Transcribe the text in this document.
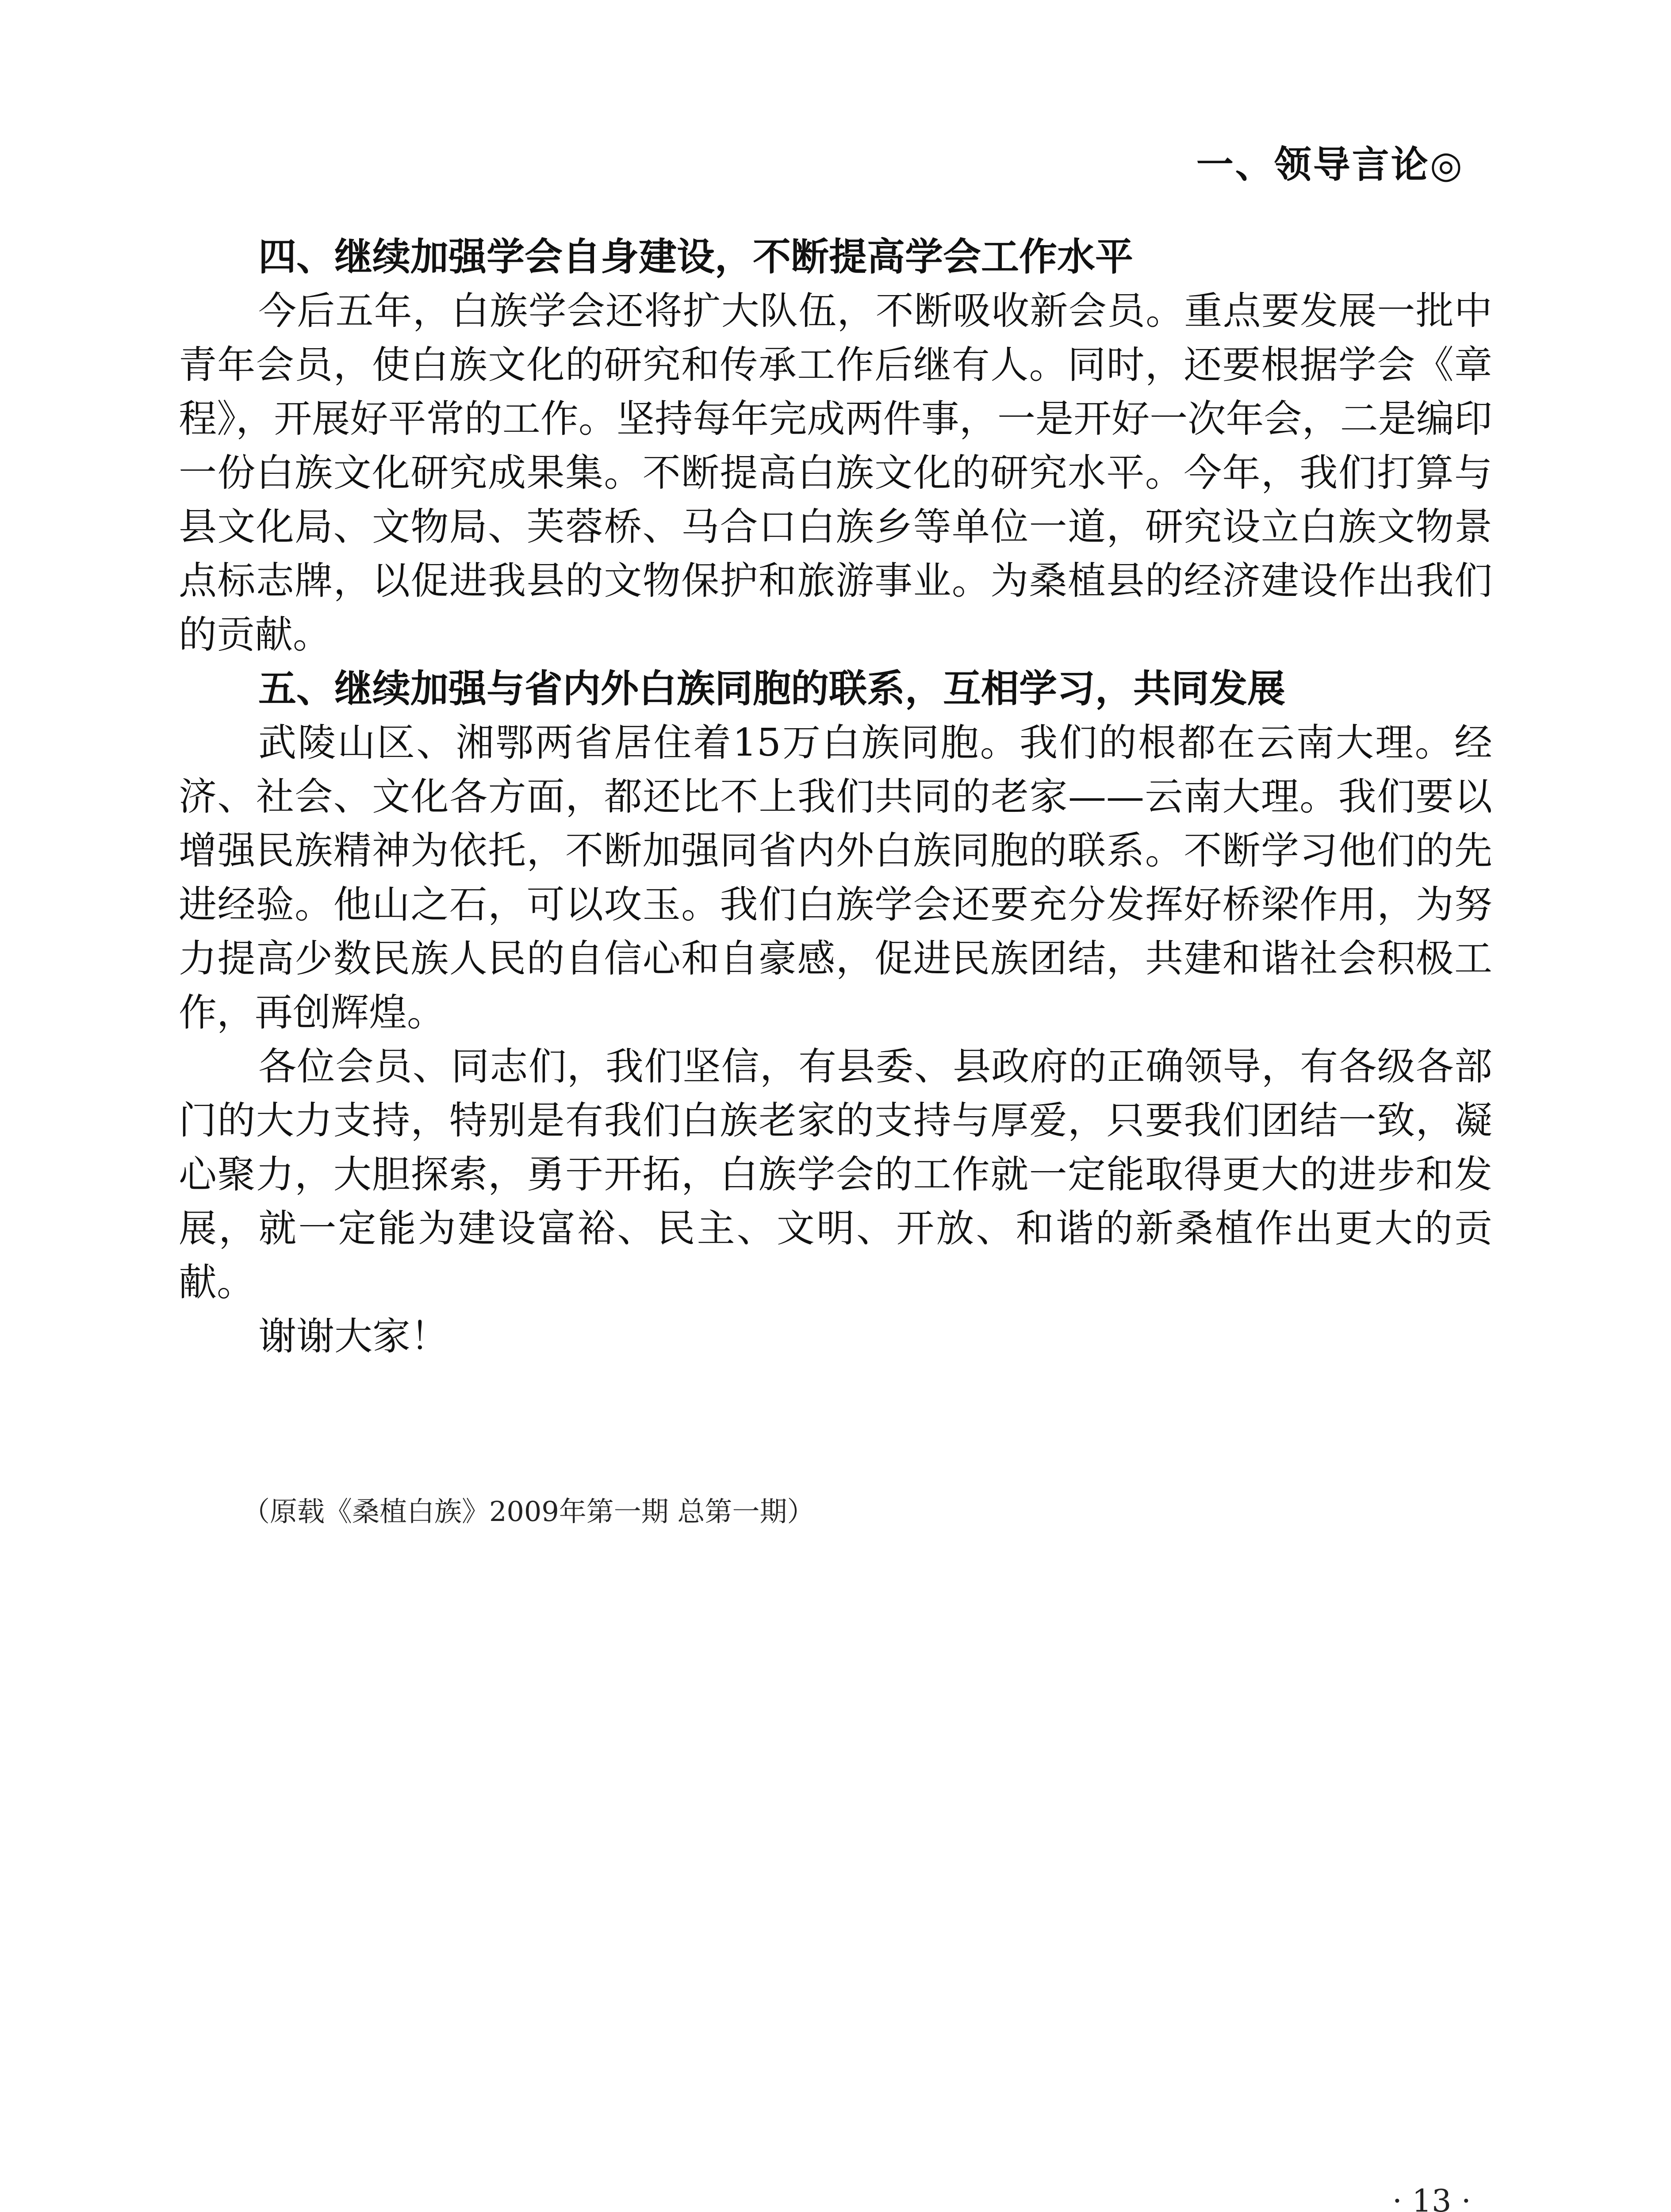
一、领导言论◎
四、继续加强学会自身建设，不断提高学会工作水平

今后五年，白族学会还将扩大队伍，不断吸收新会员。重点要发展一批中青年会员，使白族文化的研究和传承工作后继有人。同时，还要根据学会《章程》，开展好平常的工作。坚持每年完成两件事，一是开好一次年会，二是编印一份白族文化研究成果集。不断提高白族文化的研究水平。今年，我们打算与县文化局、文物局、芙蓉桥、马合口白族乡等单位一道，研究设立白族文物景点标志牌，以促进我县的文物保护和旅游事业。为桑植县的经济建设作出我们的贡献。

五、继续加强与省内外白族同胞的联系，互相学习，共同发展

武陵山区、湘鄂两省居住着15万白族同胞。我们的根都在云南大理。经济、社会、文化各方面，都还比不上我们共同的老家——云南大理。我们要以增强民族精神为依托，不断加强同省内外白族同胞的联系。不断学习他们的先进经验。他山之石，可以攻玉。我们白族学会还要充分发挥好桥梁作用，为努力提高少数民族人民的自信心和自豪感，促进民族团结，共建和谐社会积极工作，再创辉煌。

各位会员、同志们，我们坚信，有县委、县政府的正确领导，有各级各部门的大力支持，特别是有我们白族老家的支持与厚爱，只要我们团结一致，凝心聚力，大胆探索，勇于开拓，白族学会的工作就一定能取得更大的进步和发展，就一定能为建设富裕、民主、文明、开放、和谐的新桑植作出更大的贡献。

谢谢大家！

（原载《桑植白族》2009年第一期 总第一期）
· 13 ·
